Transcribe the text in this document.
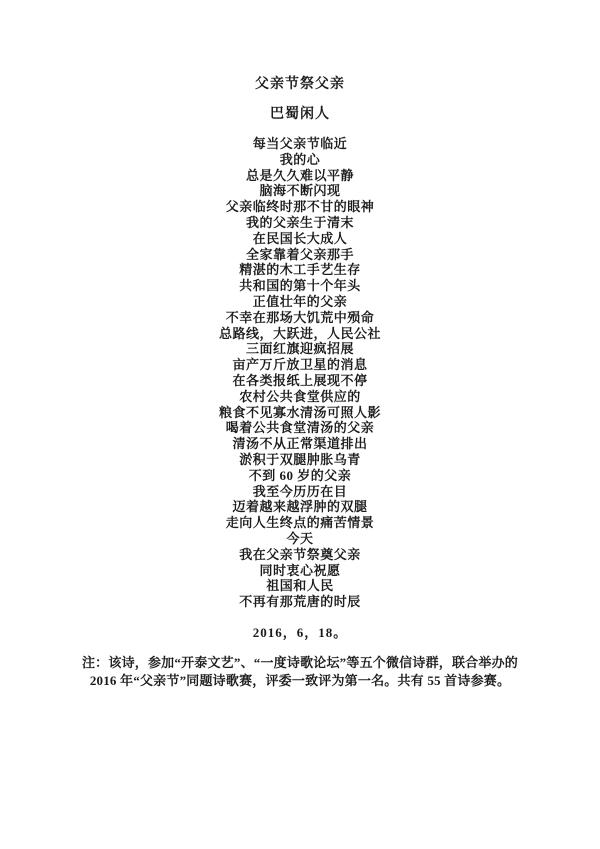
父亲节祭父亲
巴蜀闲人
每当父亲节临近
我的心
总是久久难以平静
脑海不断闪现
父亲临终时那不甘的眼神
我的父亲生于清末
在民国长大成人
全家靠着父亲那手
精湛的木工手艺生存
共和国的第十个年头
正值壮年的父亲
不幸在那场大饥荒中殒命
总路线，大跃进，人民公社
三面红旗迎疯招展
亩产万斤放卫星的消息
在各类报纸上展现不停
农村公共食堂供应的
粮食不见寡水清汤可照人影
喝着公共食堂清汤的父亲
清汤不从正常渠道排出
淤积于双腿肿胀乌青
不到 60 岁的父亲
我至今历历在目
迈着越来越浮肿的双腿
走向人生终点的痛苦情景
今天
我在父亲节祭奠父亲
同时衷心祝愿
祖国和人民
不再有那荒唐的时辰
2016，6，18。
注：该诗，参加“开泰文艺”、“一度诗歌论坛”等五个微信诗群，联合举办的
2016 年“父亲节”同题诗歌赛，评委一致评为第一名。共有 55 首诗参赛。
